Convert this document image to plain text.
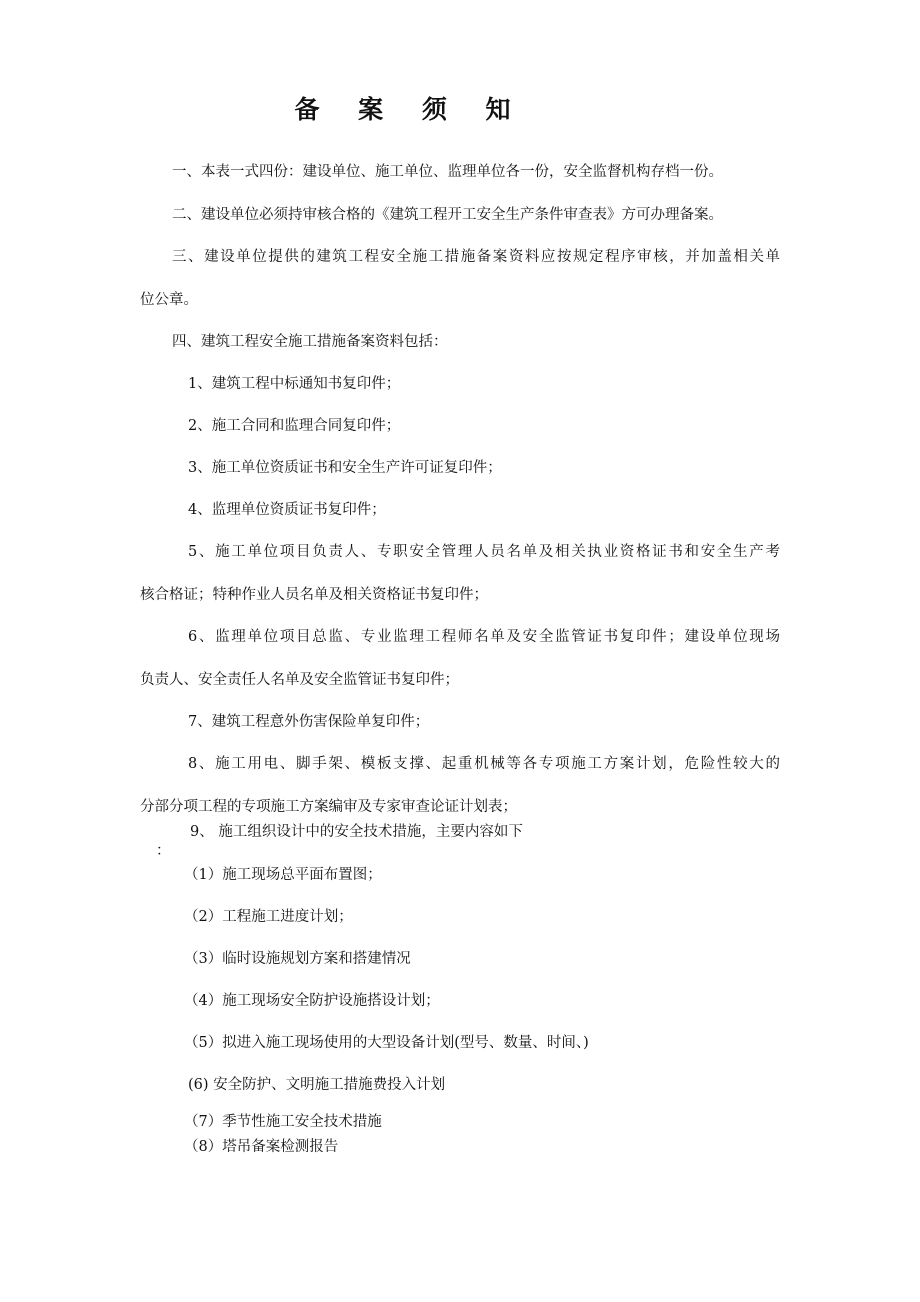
备 案 须 知

一、本表一式四份：建设单位、施工单位、监理单位各一份，安全监督机构存档一份。

二、建设单位必须持审核合格的《建筑工程开工安全生产条件审查表》方可办理备案。

三、建设单位提供的建筑工程安全施工措施备案资料应按规定程序审核，并加盖相关单

位公章。

四、建筑工程安全施工措施备案资料包括：

1、建筑工程中标通知书复印件；

2、施工合同和监理合同复印件；

3、施工单位资质证书和安全生产许可证复印件；

4、监理单位资质证书复印件；

5、施工单位项目负责人、专职安全管理人员名单及相关执业资格证书和安全生产考

核合格证；特种作业人员名单及相关资格证书复印件；

6、监理单位项目总监、专业监理工程师名单及安全监管证书复印件；建设单位现场

负责人、安全责任人名单及安全监管证书复印件；

7、建筑工程意外伤害保险单复印件；

8、施工用电、脚手架、模板支撑、起重机械等各专项施工方案计划，危险性较大的

分部分项工程的专项施工方案编审及专家审查论证计划表；

9、 施工组织设计中的安全技术措施，主要内容如下

：

（1）施工现场总平面布置图；

（2）工程施工进度计划；

（3）临时设施规划方案和搭建情况

（4）施工现场安全防护设施搭设计划；

（5）拟进入施工现场使用的大型设备计划(型号、数量、时间、)

(6) 安全防护、文明施工措施费投入计划

（7）季节性施工安全技术措施

（8）塔吊备案检测报告
